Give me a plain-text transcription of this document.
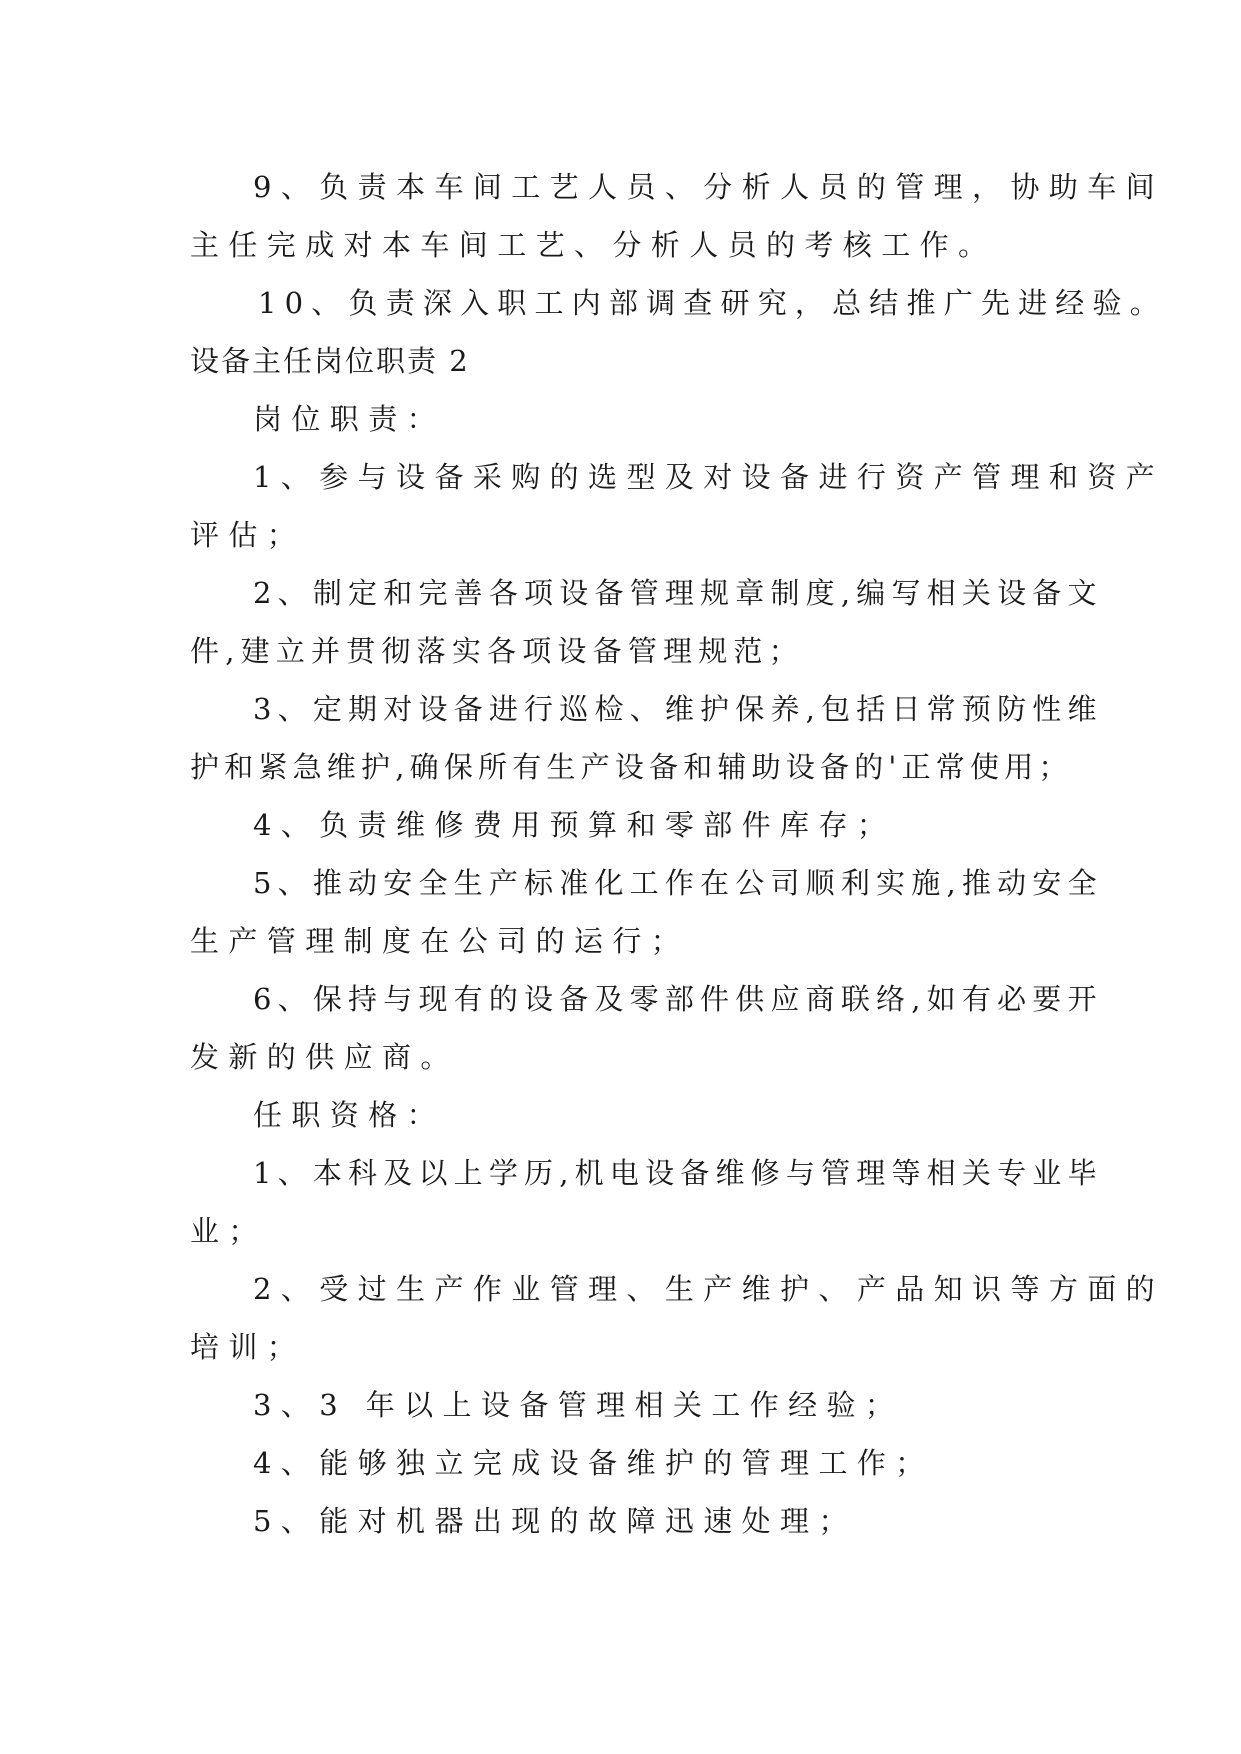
9、负责本车间工艺人员、分析人员的管理，协助车间

主任完成对本车间工艺、分析人员的考核工作。

10、负责深入职工内部调查研究，总结推广先进经验。

设备主任岗位职责 2

岗位职责：

1、参与设备采购的选型及对设备进行资产管理和资产

评估；

2、制定和完善各项设备管理规章制度,编写相关设备文

件,建立并贯彻落实各项设备管理规范；

3、定期对设备进行巡检、维护保养,包括日常预防性维

护和紧急维护,确保所有生产设备和辅助设备的'正常使用；

4、负责维修费用预算和零部件库存；

5、推动安全生产标准化工作在公司顺利实施,推动安全

生产管理制度在公司的运行；

6、保持与现有的设备及零部件供应商联络,如有必要开

发新的供应商。

任职资格：

1、本科及以上学历,机电设备维修与管理等相关专业毕

业；

2、受过生产作业管理、生产维护、产品知识等方面的

培训；

3、3 年以上设备管理相关工作经验；

4、能够独立完成设备维护的管理工作；

5、能对机器出现的故障迅速处理；
